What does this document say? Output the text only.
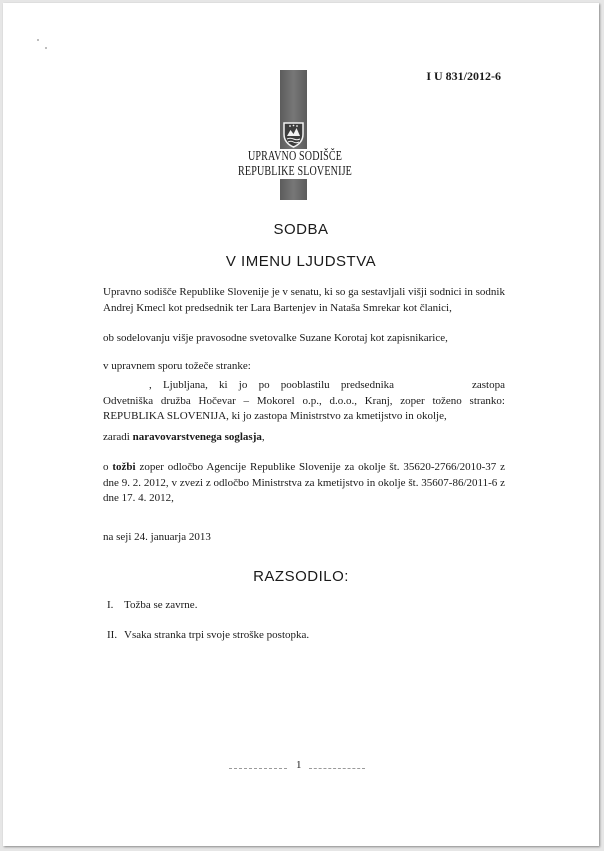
I U 831/2012-6
UPRAVNO SODIŠČE
REPUBLIKE SLOVENIJE
SODBA
V IMENU LJUDSTVA
Upravno sodišče Republike Slovenije je v senatu, ki so ga sestavljali višji sodnici in sodnik Andrej Kmecl kot predsednik ter Lara Bartenjev in Nataša Smrekar kot članici,
ob sodelovanju višje pravosodne svetovalke Suzane Korotaj kot zapisnikarice,
v upravnem sporu tožeče stranke:
, Ljubljana, ki jo po pooblastilu predsednika	zastopa Odvetniška družba Hočevar – Mokorel o.p., d.o.o., Kranj, zoper toženo stranko: REPUBLIKA SLOVENIJA, ki jo zastopa Ministrstvo za kmetijstvo in okolje,
zaradi naravovarstvenega soglasja,
o tožbi zoper odločbo Agencije Republike Slovenije za okolje št. 35620-2766/2010-37 z dne 9. 2. 2012, v zvezi z odločbo Ministrstva za kmetijstvo in okolje št. 35607-86/2011-6 z dne 17. 4. 2012,
na seji 24. januarja 2013
RAZSODILO:
I. Tožba se zavrne.
II. Vsaka stranka trpi svoje stroške postopka.
1
